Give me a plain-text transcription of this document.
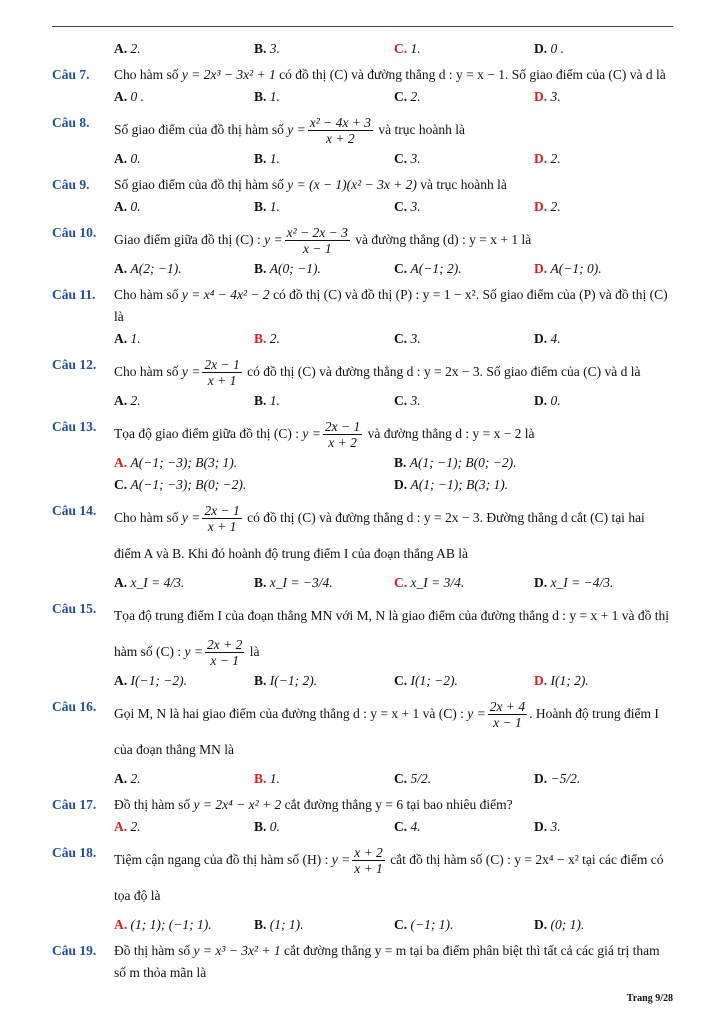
A. 2.	B. 3.	C. 1.	D. 0 .
Câu 7. Cho hàm số y = 2x³ − 3x² + 1 có đồ thị (C) và đường thẳng d : y = x − 1. Số giao điểm của (C) và d là
A. 0 .	B. 1.	C. 2.	D. 3.
Câu 8. Số giao điểm của đồ thị hàm số $y = \frac{\text{x² − 4x + 3}}{x + 2}$ và trục hoành là
A. 0.	B. 1.	C. 3.	D. 2.
Câu 9. Số giao điểm của đồ thị hàm số y = (x − 1)(x² − 3x + 2) và trục hoành là
A. 0.	B. 1.	C. 3.	D. 2.
Câu 10. Giao điểm giữa đồ thị (C) : $y = \frac{\text{x² − 2x − 3}}{x - 1}$ và đường thẳng (d) : y = x + 1 là
A. A(2; −1).	B. A(0; −1).	C. A(−1; 2).	D. A(−1; 0).
Câu 11. Cho hàm số y = x⁴ − 4x² − 2 có đồ thị (C) và đồ thị (P) : y = 1 − x². Số giao điểm của (P) và đồ thị (C) là
A. 1.	B. 2.	C. 3.	D. 4.
Câu 12. Cho hàm số $y = \frac{2x - 1}{x + 1}$ có đồ thị (C) và đường thẳng d : y = 2x − 3. Số giao điểm của (C) và d là
A. 2.	B. 1.	C. 3.	D. 0.
Câu 13. Tọa độ giao điểm giữa đồ thị (C) : $y = \frac{2x - 1}{x + 2}$ và đường thẳng d : y = x − 2 là
A. A(−1; −3); B(3; 1).	B. A(1; −1); B(0; −2).
C. A(−1; −3); B(0; −2).	D. A(1; −1); B(3; 1).
Câu 14. Cho hàm số $y = \frac{2x - 1}{x + 1}$ có đồ thị (C) và đường thẳng d : y = 2x − 3. Đường thẳng d cắt (C) tại hai điểm A và B. Khi đó hoành độ trung điểm I của đoạn thẳng AB là
A. x_I = 4/3.	B. x_I = −3/4.	C. x_I = 3/4.	D. x_I = −4/3.
Câu 15. Tọa độ trung điểm I của đoạn thẳng MN với M, N là giao điểm của đường thẳng d : y = x + 1 và đồ thị hàm số (C) : $y = \frac{2x + 2}{x - 1}$ là
A. I(−1; −2).	B. I(−1; 2).	C. I(1; −2).	D. I(1; 2).
Câu 16. Gọi M, N là hai giao điểm của đường thẳng d : y = x + 1 và (C) : $y = \frac{2x + 4}{x - 1}$ . Hoành độ trung điểm I của đoạn thẳng MN là
A. 2.	B. 1.	C. 5/2.	D. −5/2.
Câu 17. Đồ thị hàm số y = 2x⁴ − x² + 2 cắt đường thẳng y = 6 tại bao nhiêu điểm?
A. 2.	B. 0.	C. 4.	D. 3.
Câu 18. Tiệm cận ngang của đồ thị hàm số (H) : $y = \frac{x + 2}{x + 1}$ cắt đồ thị hàm số (C) : y = 2x⁴ − x² tại các điểm có tọa độ là
A. (1; 1); (−1; 1).	B. (1; 1).	C. (−1; 1).	D. (0; 1).
Câu 19. Đồ thị hàm số y = x³ − 3x² + 1 cắt đường thẳng y = m tại ba điểm phân biệt thì tất cả các giá trị tham số m thỏa mãn là
Trang 9/28
